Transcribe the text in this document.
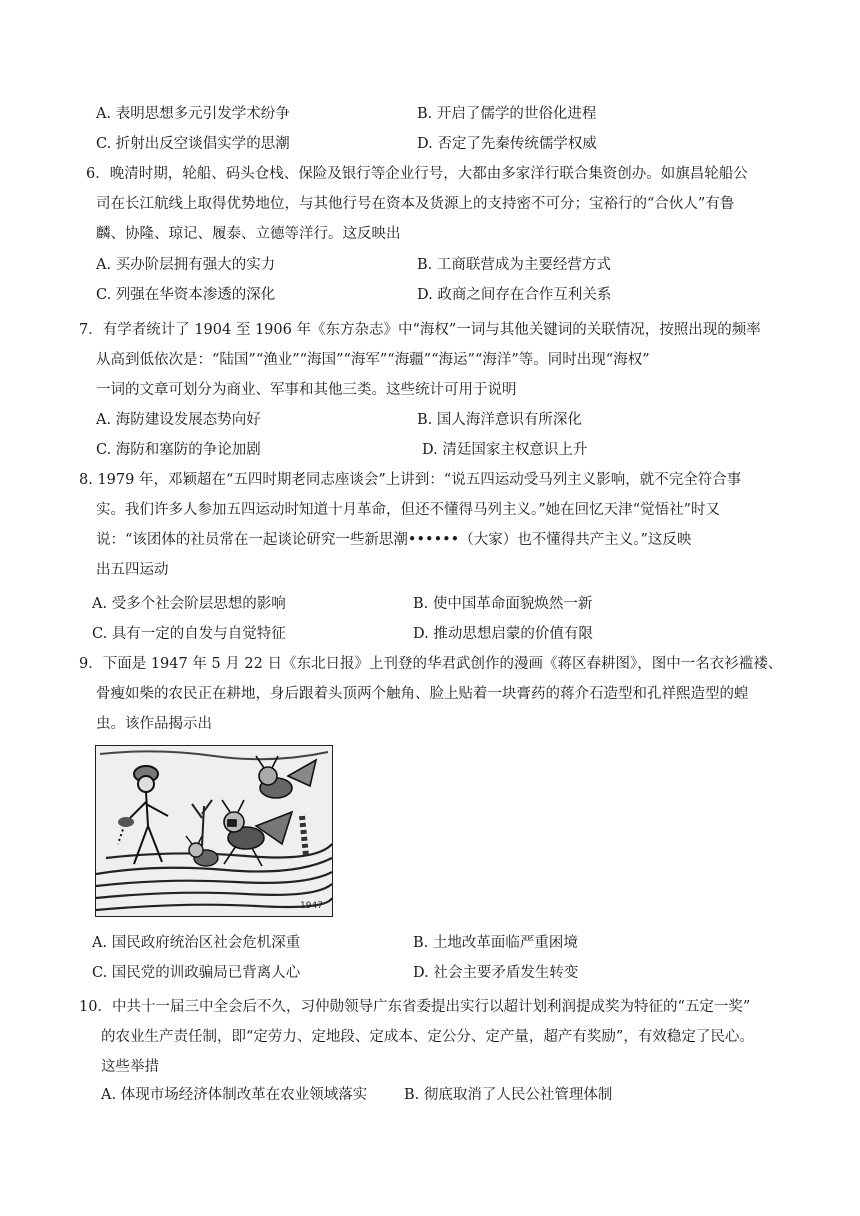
A. 表明思想多元引发学术纷争	B. 开启了儒学的世俗化进程
C. 折射出反空谈倡实学的思潮	D. 否定了先秦传统儒学权威
6．晚清时期，轮船、码头仓栈、保险及银行等企业行号，大都由多家洋行联合集资创办。如旗昌轮船公
司在长江航线上取得优势地位，与其他行号在资本及货源上的支持密不可分；宝裕行的“合伙人”有鲁
麟、协隆、琼记、履泰、立德等洋行。这反映出
A. 买办阶层拥有强大的实力	B. 工商联营成为主要经营方式
C. 列强在华资本渗透的深化	D. 政商之间存在合作互利关系
7．有学者统计了 1904 至 1906 年《东方杂志》中“海权”一词与其他关键词的关联情况，按照出现的频率
从高到低依次是：“陆国”“渔业”“海国”“海军”“海疆”“海运”“海洋”等。同时出现“海权”
一词的文章可划分为商业、军事和其他三类。这些统计可用于说明
A. 海防建设发展态势向好	B. 国人海洋意识有所深化
C. 海防和塞防的争论加剧	D. 清廷国家主权意识上升
8. 1979 年，邓颖超在“五四时期老同志座谈会”上讲到：“说五四运动受马列主义影响，就不完全符合事
实。我们许多人参加五四运动时知道十月革命，但还不懂得马列主义。”她在回忆天津“觉悟社”时又
说：“该团体的社员常在一起谈论研究一些新思潮••••••（大家）也不懂得共产主义。”这反映
出五四运动
A. 受多个社会阶层思想的影响	B. 使中国革命面貌焕然一新
C. 具有一定的自发与自觉特征	D. 推动思想启蒙的价值有限
9．下面是 1947 年 5 月 22 日《东北日报》上刊登的华君武创作的漫画《蒋区春耕图》，图中一名衣衫褴褛、
骨瘦如柴的农民正在耕地，身后跟着头顶两个触角、脸上贴着一块膏药的蒋介石造型和孔祥熙造型的蝗
虫。该作品揭示出
1947
A. 国民政府统治区社会危机深重	B. 土地改革面临严重困境
C. 国民党的训政骗局已背离人心	D. 社会主要矛盾发生转变
10．中共十一届三中全会后不久，习仲勋领导广东省委提出实行以超计划利润提成奖为特征的“五定一奖”
的农业生产责任制，即“定劳力、定地段、定成本、定公分、定产量，超产有奖励”，有效稳定了民心。
这些举措
A. 体现市场经济体制改革在农业领域落实	B. 彻底取消了人民公社管理体制
